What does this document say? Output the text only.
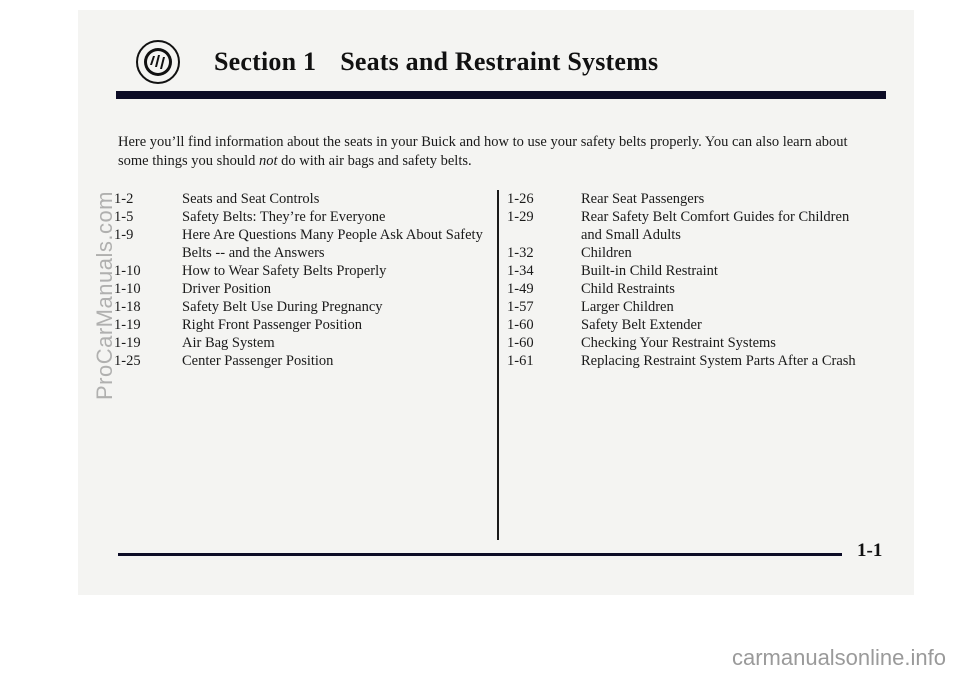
Section 1 Seats and Restraint Systems

Here you’ll find information about the seats in your Buick and how to use your safety belts properly. You can also learn about some things you should not do with air bags and safety belts.

1-2	Seats and Seat Controls
1-5	Safety Belts: They’re for Everyone
1-9	Here Are Questions Many People Ask About Safety Belts -- and the Answers
1-10	How to Wear Safety Belts Properly
1-10	Driver Position
1-18	Safety Belt Use During Pregnancy
1-19	Right Front Passenger Position
1-19	Air Bag System
1-25	Center Passenger Position
1-26	Rear Seat Passengers
1-29	Rear Safety Belt Comfort Guides for Children and Small Adults
1-32	Children
1-34	Built-in Child Restraint
1-49	Child Restraints
1-57	Larger Children
1-60	Safety Belt Extender
1-60	Checking Your Restraint Systems
1-61	Replacing Restraint System Parts After a Crash
1-1
ProCarManuals.com
carmanualsonline.info
